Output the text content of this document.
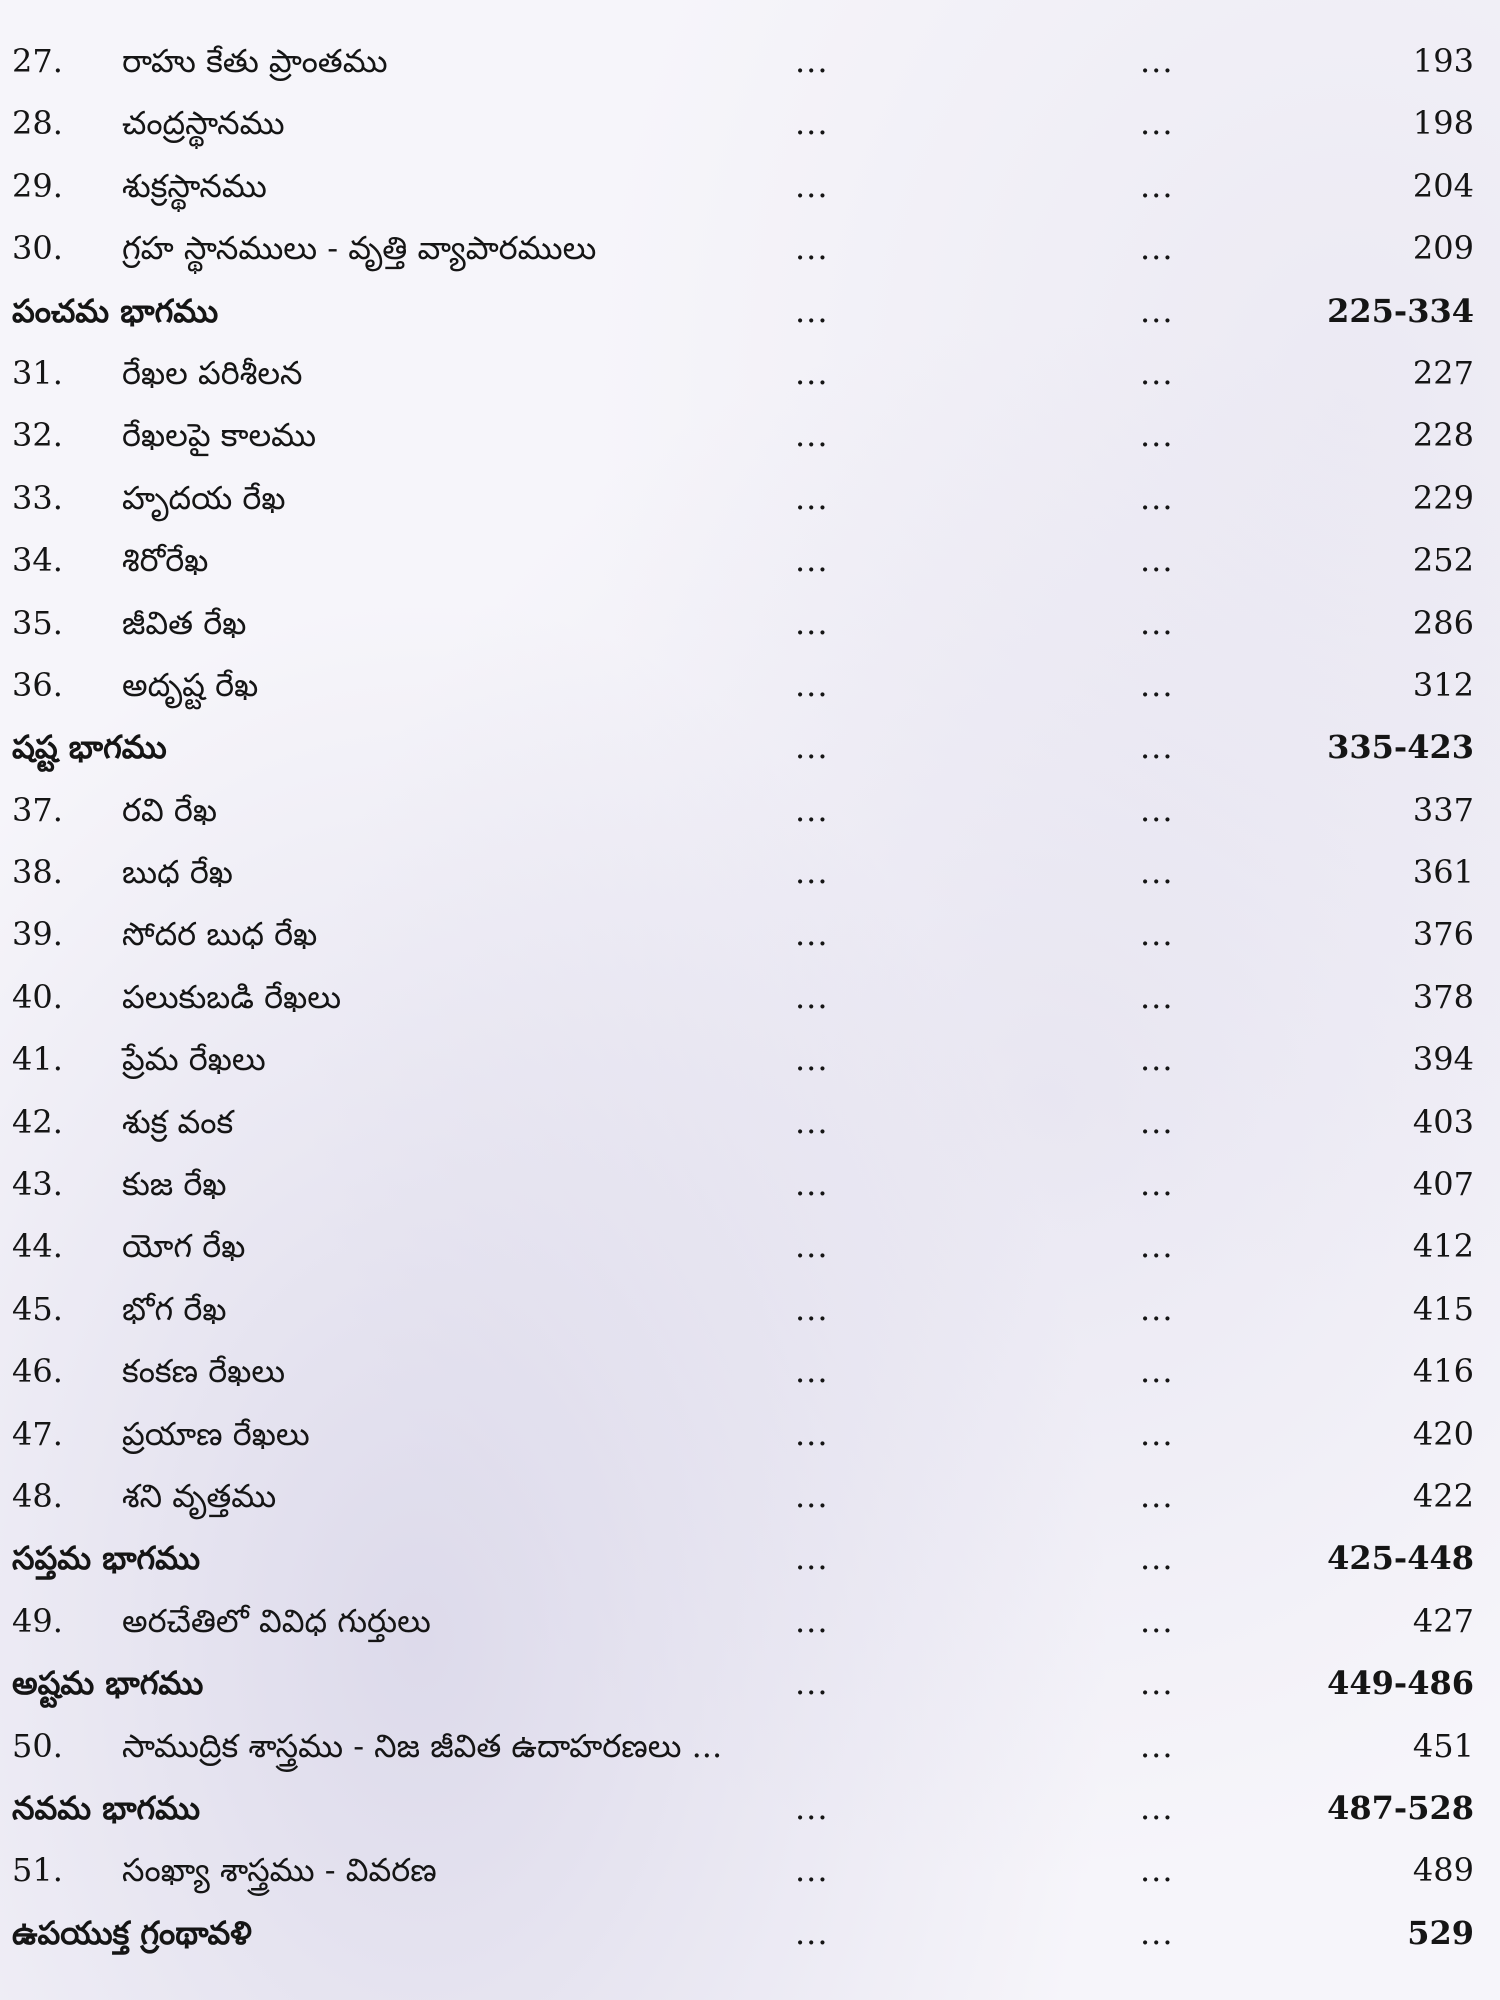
27.	రాహు కేతు ప్రాంతము	...	...	193
28.	చంద్రస్థానము	...	...	198
29.	శుక్రస్థానము	...	...	204
30.	గ్రహ స్థానములు - వృత్తి వ్యాపారములు	...	...	209
పంచమ భాగము	...	...	225-334
31.	రేఖల పరిశీలన	...	...	227
32.	రేఖలపై కాలము	...	...	228
33.	హృదయ రేఖ	...	...	229
34.	శిరోరేఖ	...	...	252
35.	జీవిత రేఖ	...	...	286
36.	అదృష్ట రేఖ	...	...	312
షష్ట భాగము	...	...	335-423
37.	రవి రేఖ	...	...	337
38.	బుధ రేఖ	...	...	361
39.	సోదర బుధ రేఖ	...	...	376
40.	పలుకుబడి రేఖలు	...	...	378
41.	ప్రేమ రేఖలు	...	...	394
42.	శుక్ర వంక	...	...	403
43.	కుజ రేఖ	...	...	407
44.	యోగ రేఖ	...	...	412
45.	భోగ రేఖ	...	...	415
46.	కంకణ రేఖలు	...	...	416
47.	ప్రయాణ రేఖలు	...	...	420
48.	శని వృత్తము	...	...	422
సప్తమ భాగము	...	...	425-448
49.	అరచేతిలో వివిధ గుర్తులు	...	...	427
అష్టమ భాగము	...	...	449-486
50.	సాముద్రిక శాస్త్రము - నిజ జీవిత ఉదాహరణలు ...	...	451
నవమ భాగము	...	...	487-528
51.	సంఖ్యా శాస్త్రము - వివరణ	...	...	489
ఉపయుక్త గ్రంథావళి	...	...	529
